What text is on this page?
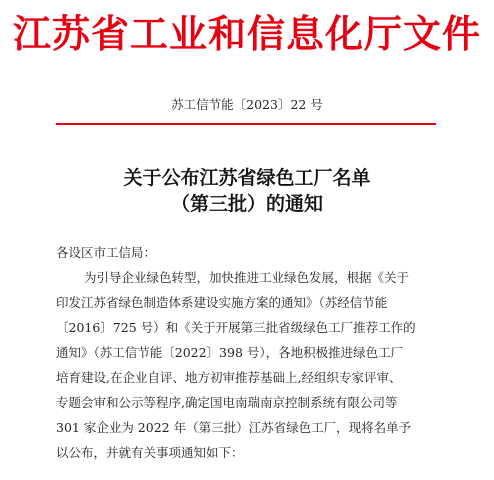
江苏省工业和信息化厅文件
苏工信节能〔2023〕22 号
关于公布江苏省绿色工厂名单
（第三批）的通知
各设区市工信局：
为引导企业绿色转型，加快推进工业绿色发展，根据《关于
印发江苏省绿色制造体系建设实施方案的通知》（苏经信节能
〔2016〕725 号）和《关于开展第三批省级绿色工厂推荐工作的
通知》（苏工信节能〔2022〕398 号），各地积极推进绿色工厂
培育建设,在企业自评、地方初审推荐基础上,经组织专家评审、
专题会审和公示等程序,确定国电南瑞南京控制系统有限公司等
301 家企业为 2022 年（第三批）江苏省绿色工厂，现将名单予
以公布，并就有关事项通知如下：
